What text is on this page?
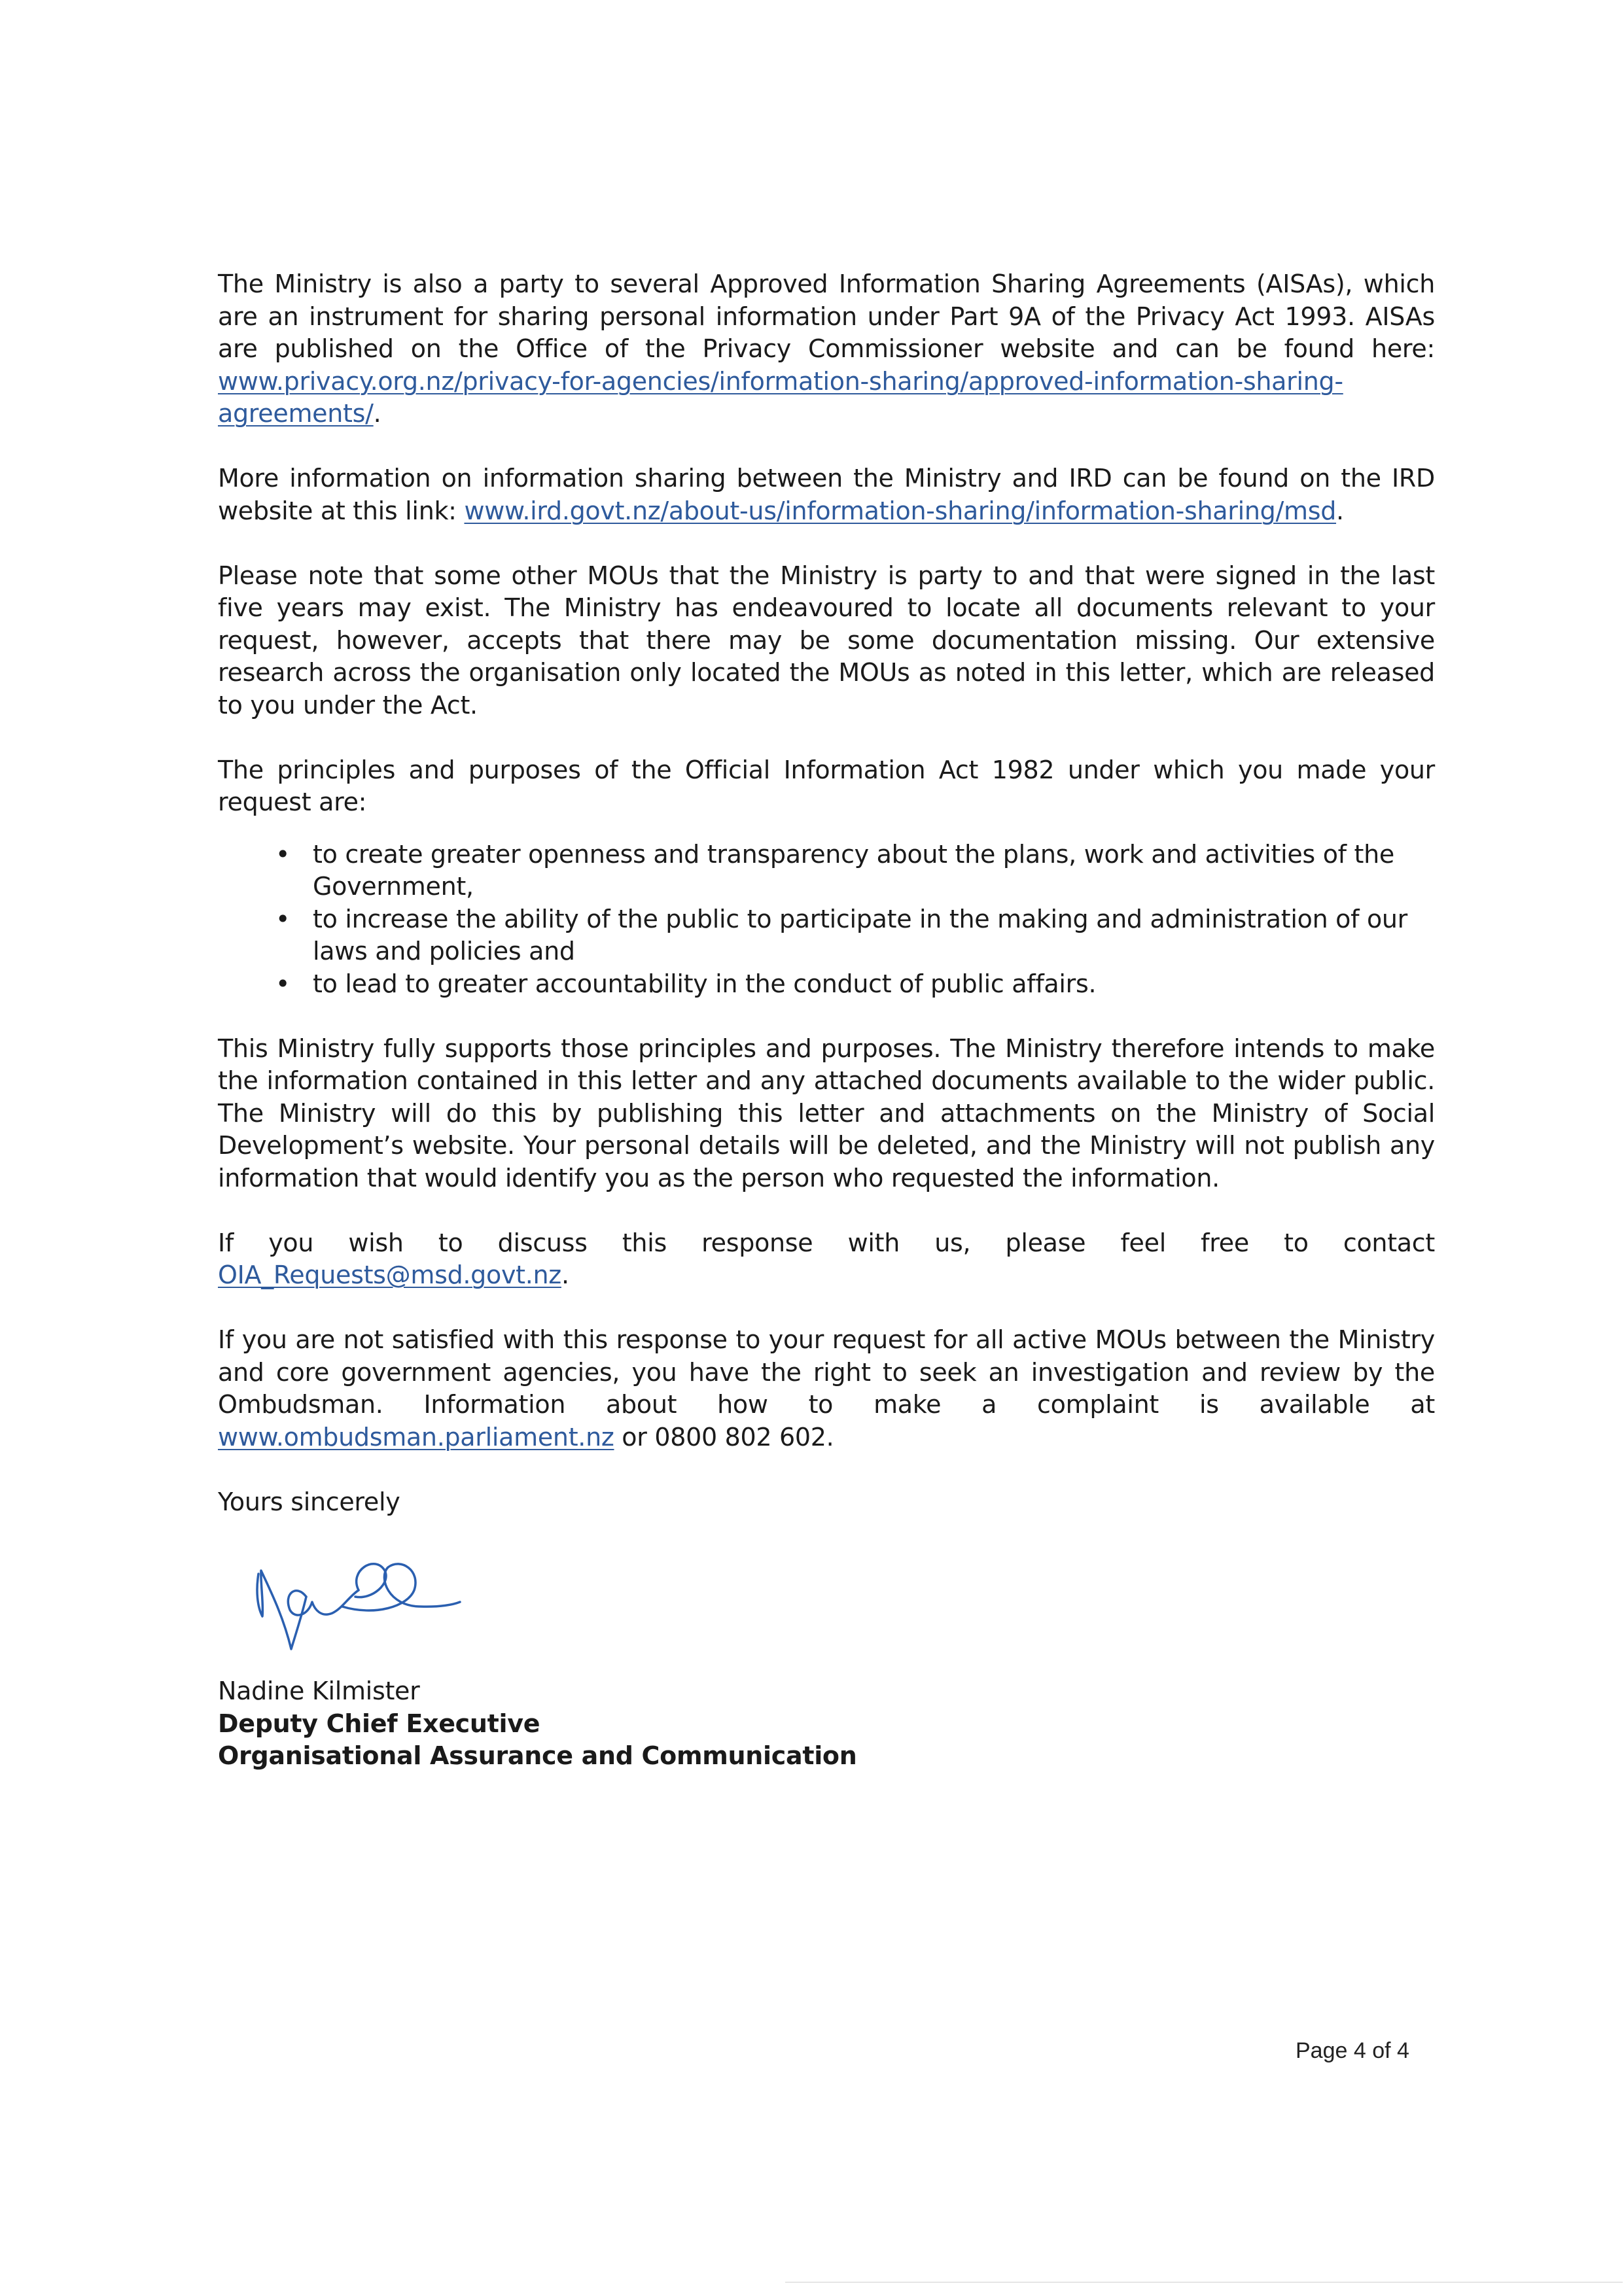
The Ministry is also a party to several Approved Information Sharing Agreements (AISAs), which are an instrument for sharing personal information under Part 9A of the Privacy Act 1993. AISAs are published on the Office of the Privacy Commissioner website and can be found here: www.privacy.org.nz/privacy-for-agencies/information-sharing/approved-information-sharing-agreements/.

More information on information sharing between the Ministry and IRD can be found on the IRD website at this link: www.ird.govt.nz/about-us/information-sharing/information-sharing/msd.

Please note that some other MOUs that the Ministry is party to and that were signed in the last five years may exist. The Ministry has endeavoured to locate all documents relevant to your request, however, accepts that there may be some documentation missing. Our extensive research across the organisation only located the MOUs as noted in this letter, which are released to you under the Act.

The principles and purposes of the Official Information Act 1982 under which you made your request are:

• to create greater openness and transparency about the plans, work and activities of the Government,
• to increase the ability of the public to participate in the making and administration of our laws and policies and
• to lead to greater accountability in the conduct of public affairs.

This Ministry fully supports those principles and purposes. The Ministry therefore intends to make the information contained in this letter and any attached documents available to the wider public. The Ministry will do this by publishing this letter and attachments on the Ministry of Social Development’s website. Your personal details will be deleted, and the Ministry will not publish any information that would identify you as the person who requested the information.

If you wish to discuss this response with us, please feel free to contact OIA_Requests@msd.govt.nz.

If you are not satisfied with this response to your request for all active MOUs between the Ministry and core government agencies, you have the right to seek an investigation and review by the Ombudsman. Information about how to make a complaint is available at www.ombudsman.parliament.nz or 0800 802 602.

Yours sincerely

Nadine Kilmister

Deputy Chief Executive

Organisational Assurance and Communication

Page 4 of 4
